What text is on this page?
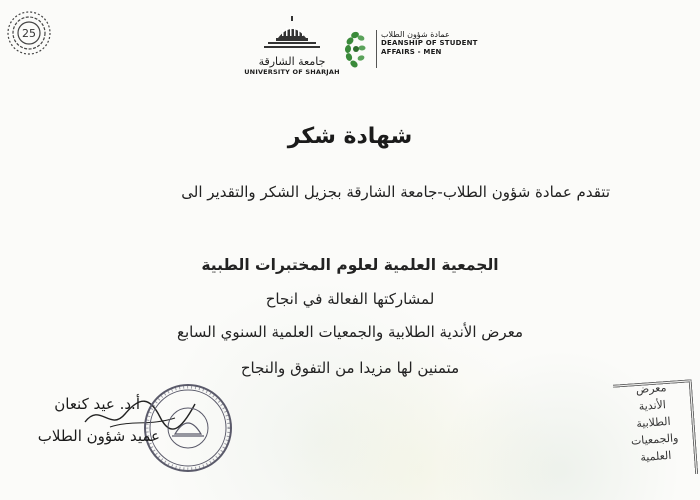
25
جامعة الشارقة
UNIVERSITY OF SHARJAH
عمادة شؤون الطلاب
DEANSHIP OF STUDENT
AFFAIRS - MEN
شهادة شكر
تتقدم عمادة شؤون الطلاب-جامعة الشارقة بجزيل الشكر والتقدير الى
الجمعية العلمية لعلوم المختبرات الطبية
لمشاركتها الفعالة في انجاح
معرض الأندية الطلابية والجمعيات العلمية السنوي السابع
متمنين لها مزيدا من التفوق والنجاح
أ.د. عيد كنعان
عميد شؤون الطلاب
معرض
الأندية
الطلابية
والجمعيات
العلمية
